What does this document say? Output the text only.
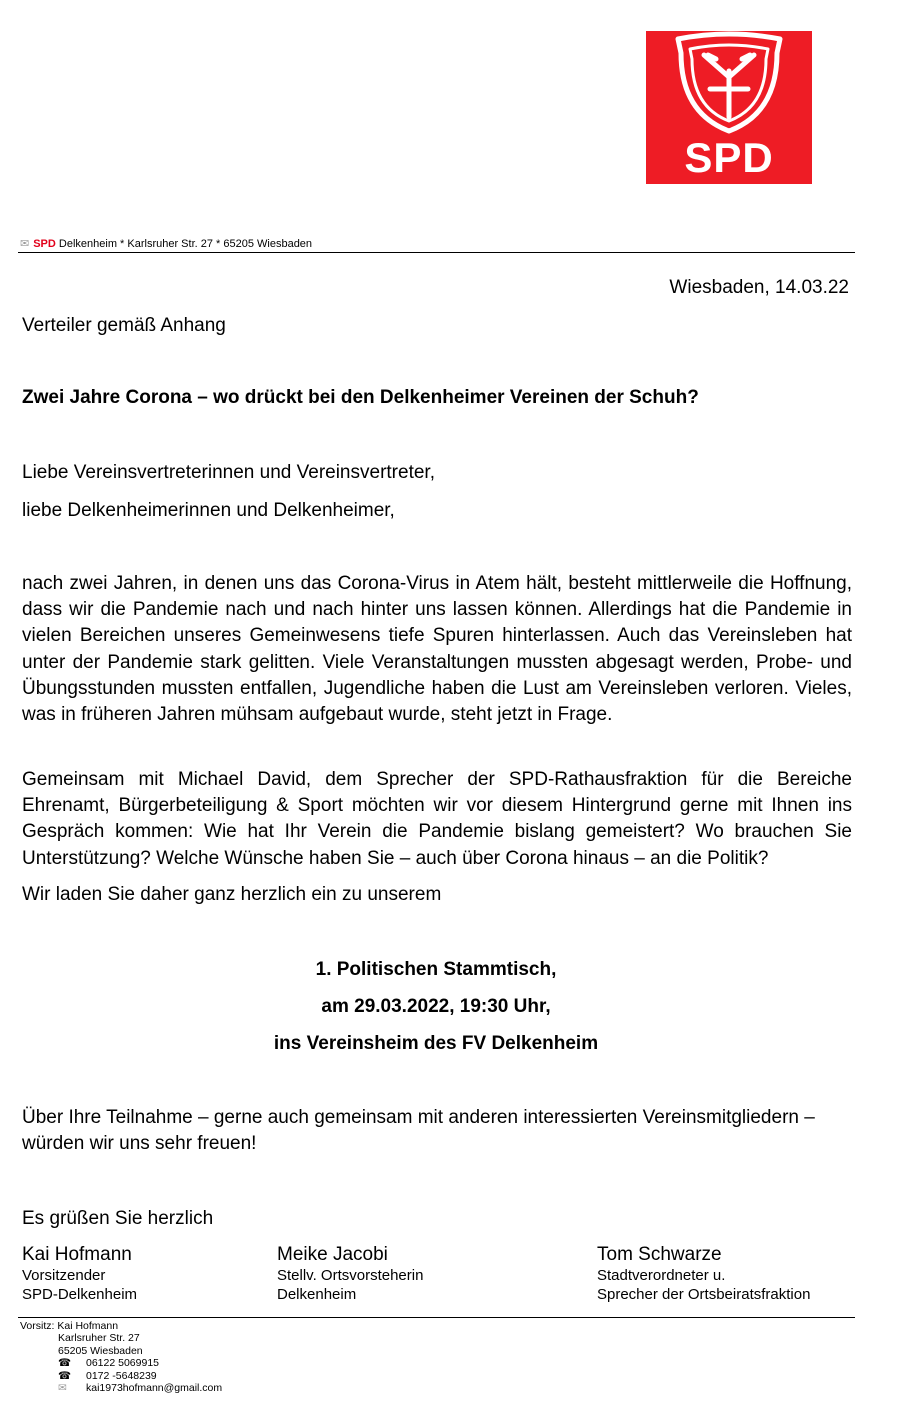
SPD
✉ SPD Delkenheim * Karlsruher Str. 27 * 65205 Wiesbaden
Wiesbaden, 14.03.22
Verteiler gemäß Anhang
Zwei Jahre Corona – wo drückt bei den Delkenheimer Vereinen der Schuh?
Liebe Vereinsvertreterinnen und Vereinsvertreter,
liebe Delkenheimerinnen und Delkenheimer,
nach zwei Jahren, in denen uns das Corona-Virus in Atem hält, besteht mittlerweile die Hoffnung, dass wir die Pandemie nach und nach hinter uns lassen können. Allerdings hat die Pandemie in vielen Bereichen unseres Gemeinwesens tiefe Spuren hinterlassen. Auch das Vereinsleben hat unter der Pandemie stark gelitten. Viele Veranstaltungen mussten abgesagt werden, Probe- und Übungsstunden mussten entfallen, Jugendliche haben die Lust am Vereinsleben verloren. Vieles, was in früheren Jahren mühsam aufgebaut wurde, steht jetzt in Frage.
Gemeinsam mit Michael David, dem Sprecher der SPD-Rathausfraktion für die Bereiche Ehrenamt, Bürgerbeteiligung & Sport möchten wir vor diesem Hintergrund gerne mit Ihnen ins Gespräch kommen: Wie hat Ihr Verein die Pandemie bislang gemeistert? Wo brauchen Sie Unterstützung? Welche Wünsche haben Sie – auch über Corona hinaus – an die Politik?
Wir laden Sie daher ganz herzlich ein zu unserem
1. Politischen Stammtisch,
am 29.03.2022, 19:30 Uhr,
ins Vereinsheim des FV Delkenheim
Über Ihre Teilnahme – gerne auch gemeinsam mit anderen interessierten Vereinsmitgliedern – würden wir uns sehr freuen!
Es grüßen Sie herzlich
Kai Hofmann
Vorsitzender
SPD-Delkenheim
Meike Jacobi
Stellv. Ortsvorsteherin
Delkenheim
Tom Schwarze
Stadtverordneter u.
Sprecher der Ortsbeiratsfraktion
Vorsitz: Kai Hofmann
Karlsruher Str. 27
65205 Wiesbaden
☎	06122 5069915
☎	0172 -5648239
✉	kai1973hofmann@gmail.com
